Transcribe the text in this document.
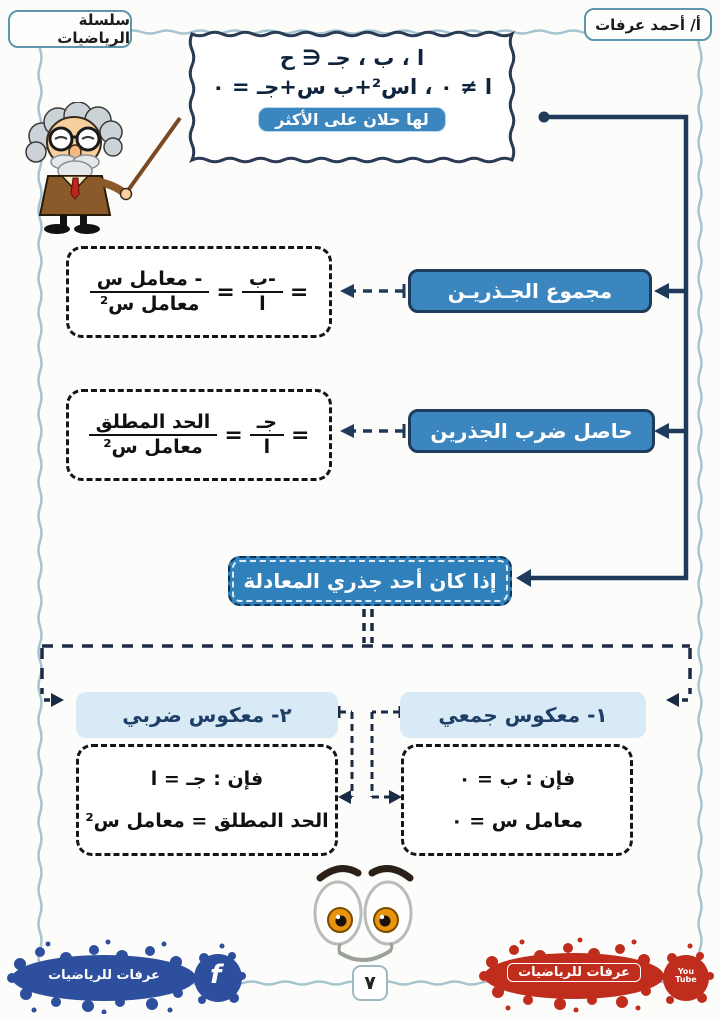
سلسلة الرياضيات
أ/ أحمد عرفات
ا ، ب ، جـ ∈ ح
ا ≠ ٠ ، اس²+ب س+جـ = ٠
لها حلان على الأكثر
مجموع الجـذريـن
=
$\frac{\text{-ب}}{\text{ا}}$
=
$\frac{\text{- معامل س}}{\text{معامل س²}}$
حاصل ضرب الجذرين
=
$\frac{\text{جـ}}{\text{ا}}$
=
$\frac{\text{الحد المطلق}}{\text{معامل س²}}$
إذا كان أحد جذري المعادلة
١- معكوس جمعي
فإن : ب = ٠
معامل س = ٠
٢- معكوس ضربي
فإن : جـ = ا
الحد المطلق = معامل س²
عرفات للرياضيات f	عرفات للرياضيات	You
Tube
٧
